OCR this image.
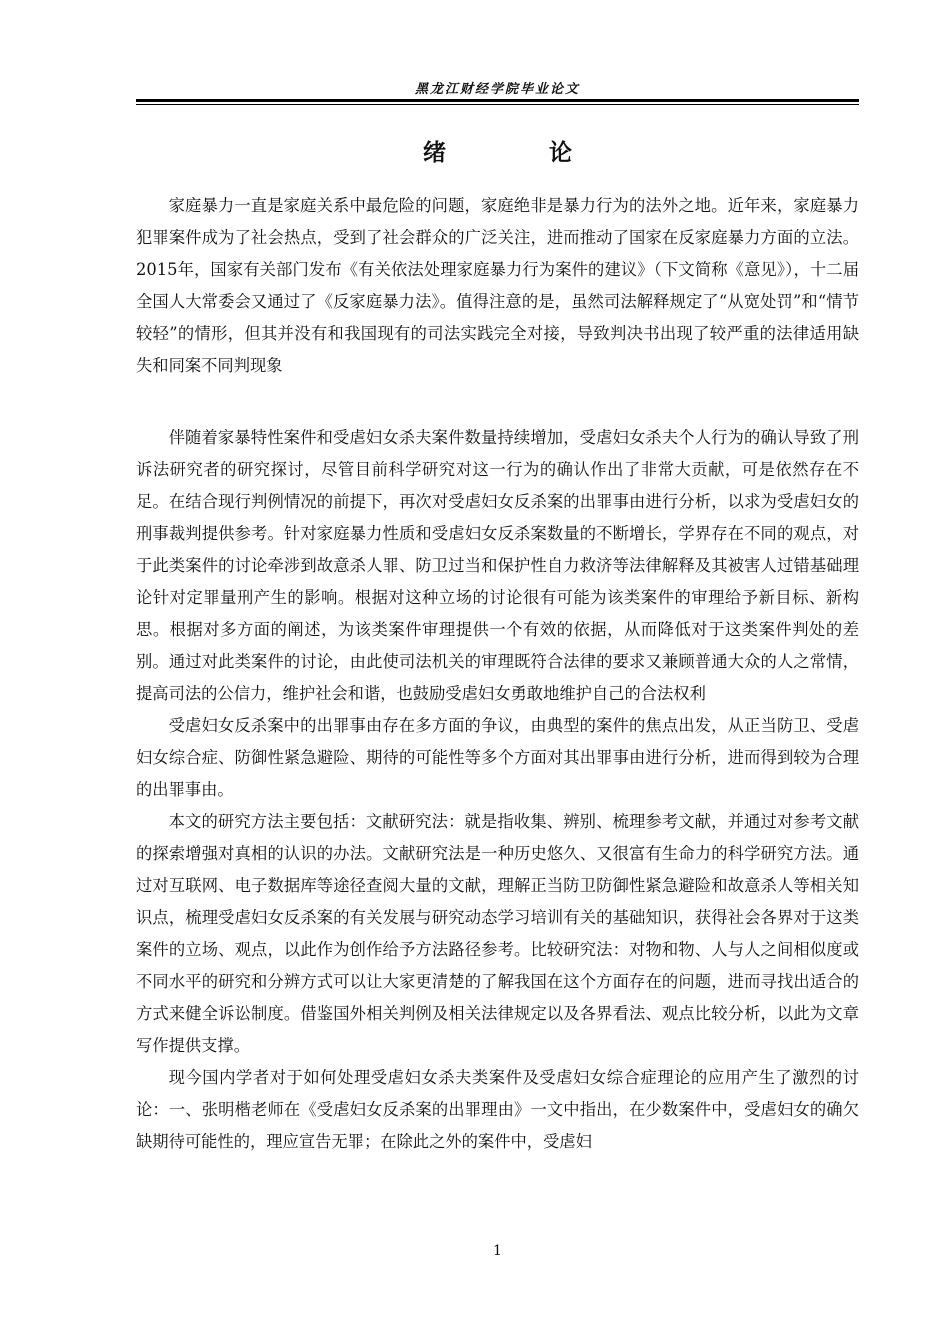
黑龙江财经学院毕业论文
绪　论

家庭暴力一直是家庭关系中最危险的问题，家庭绝非是暴力行为的法外之地。近年来，家庭暴力犯罪案件成为了社会热点，受到了社会群众的广泛关注，进而推动了国家在反家庭暴力方面的立法。2015年，国家有关部门发布《有关依法处理家庭暴力行为案件的建议》（下文简称《意见》），十二届全国人大常委会又通过了《反家庭暴力法》。值得注意的是，虽然司法解释规定了“从宽处罚”和“情节较轻”的情形，但其并没有和我国现有的司法实践完全对接，导致判决书出现了较严重的法律适用缺失和同案不同判现象

伴随着家暴特性案件和受虐妇女杀夫案件数量持续增加，受虐妇女杀夫个人行为的确认导致了刑诉法研究者的研究探讨，尽管目前科学研究对这一行为的确认作出了非常大贡献，可是依然存在不足。在结合现行判例情况的前提下，再次对受虐妇女反杀案的出罪事由进行分析，以求为受虐妇女的刑事裁判提供参考。针对家庭暴力性质和受虐妇女反杀案数量的不断增长，学界存在不同的观点，对于此类案件的讨论牵涉到故意杀人罪、防卫过当和保护性自力救济等法律解释及其被害人过错基础理论针对定罪量刑产生的影响。根据对这种立场的讨论很有可能为该类案件的审理给予新目标、新构思。根据对多方面的阐述，为该类案件审理提供一个有效的依据，从而降低对于这类案件判处的差别。通过对此类案件的讨论，由此使司法机关的审理既符合法律的要求又兼顾普通大众的人之常情，提高司法的公信力，维护社会和谐，也鼓励受虐妇女勇敢地维护自己的合法权利

受虐妇女反杀案中的出罪事由存在多方面的争议，由典型的案件的焦点出发，从正当防卫、受虐妇女综合症、防御性紧急避险、期待的可能性等多个方面对其出罪事由进行分析，进而得到较为合理的出罪事由。

本文的研究方法主要包括：文献研究法：就是指收集、辨别、梳理参考文献，并通过对参考文献的探索增强对真相的认识的办法。文献研究法是一种历史悠久、又很富有生命力的科学研究方法。通过对互联网、电子数据库等途径查阅大量的文献，理解正当防卫防御性紧急避险和故意杀人等相关知识点，梳理受虐妇女反杀案的有关发展与研究动态学习培训有关的基础知识，获得社会各界对于这类案件的立场、观点，以此作为创作给予方法路径参考。比较研究法：对物和物、人与人之间相似度或不同水平的研究和分辨方式可以让大家更清楚的了解我国在这个方面存在的问题，进而寻找出适合的方式来健全诉讼制度。借鉴国外相关判例及相关法律规定以及各界看法、观点比较分析，以此为文章写作提供支撑。

现今国内学者对于如何处理受虐妇女杀夫类案件及受虐妇女综合症理论的应用产生了激烈的讨论：一、张明楷老师在《受虐妇女反杀案的出罪理由》一文中指出，在少数案件中，受虐妇女的确欠缺期待可能性的，理应宣告无罪；在除此之外的案件中，受虐妇

1
